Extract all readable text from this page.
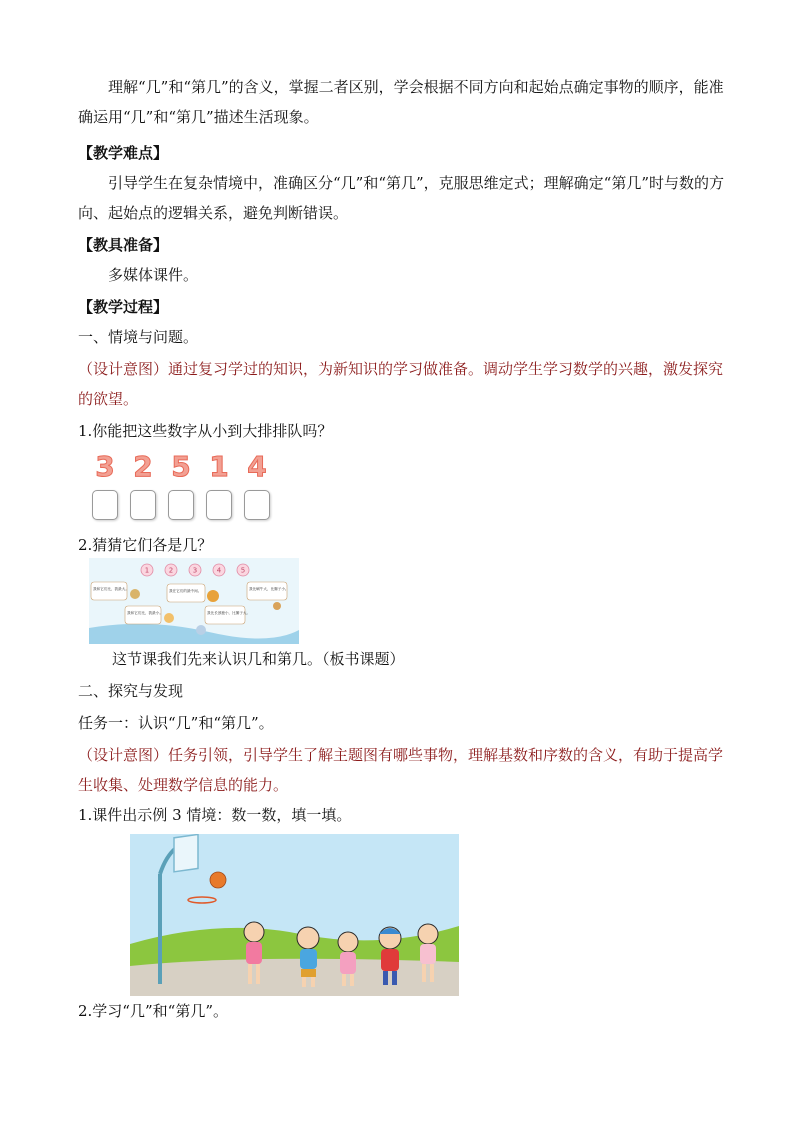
理解“几”和“第几”的含义，掌握二者区别，学会根据不同方向和起始点确定事物的顺序，能准确运用“几”和“第几”描述生活现象。

【教学难点】

引导学生在复杂情境中，准确区分“几”和“第几”，克服思维定式；理解确定“第几”时与数的方向、起始点的逻辑关系，避免判断错误。

【教具准备】

多媒体课件。

【教学过程】

一、情境与问题。

（设计意图）通过复习学过的知识，为新知识的学习做准备。调动学生学习数学的兴趣，激发探究的欲望。

1.你能把这些数字从小到大排排队吗？

3 2 5 1 4

2.猜猜它们各是几？

1	2	3	4	5
我和它们比，我最大。
我和它们比，我最小。
我在它们的最中间。
我比长颈鹿小，比狮子大。
我比蜗牛大，比狮子小。

这节课我们先来认识几和第几。（板书课题）

二、探究与发现

任务一：认识“几”和“第几”。

（设计意图）任务引领，引导学生了解主题图有哪些事物，理解基数和序数的含义，有助于提高学生收集、处理数学信息的能力。

1.课件出示例 3 情境：数一数，填一填。

2.学习“几”和“第几”。
